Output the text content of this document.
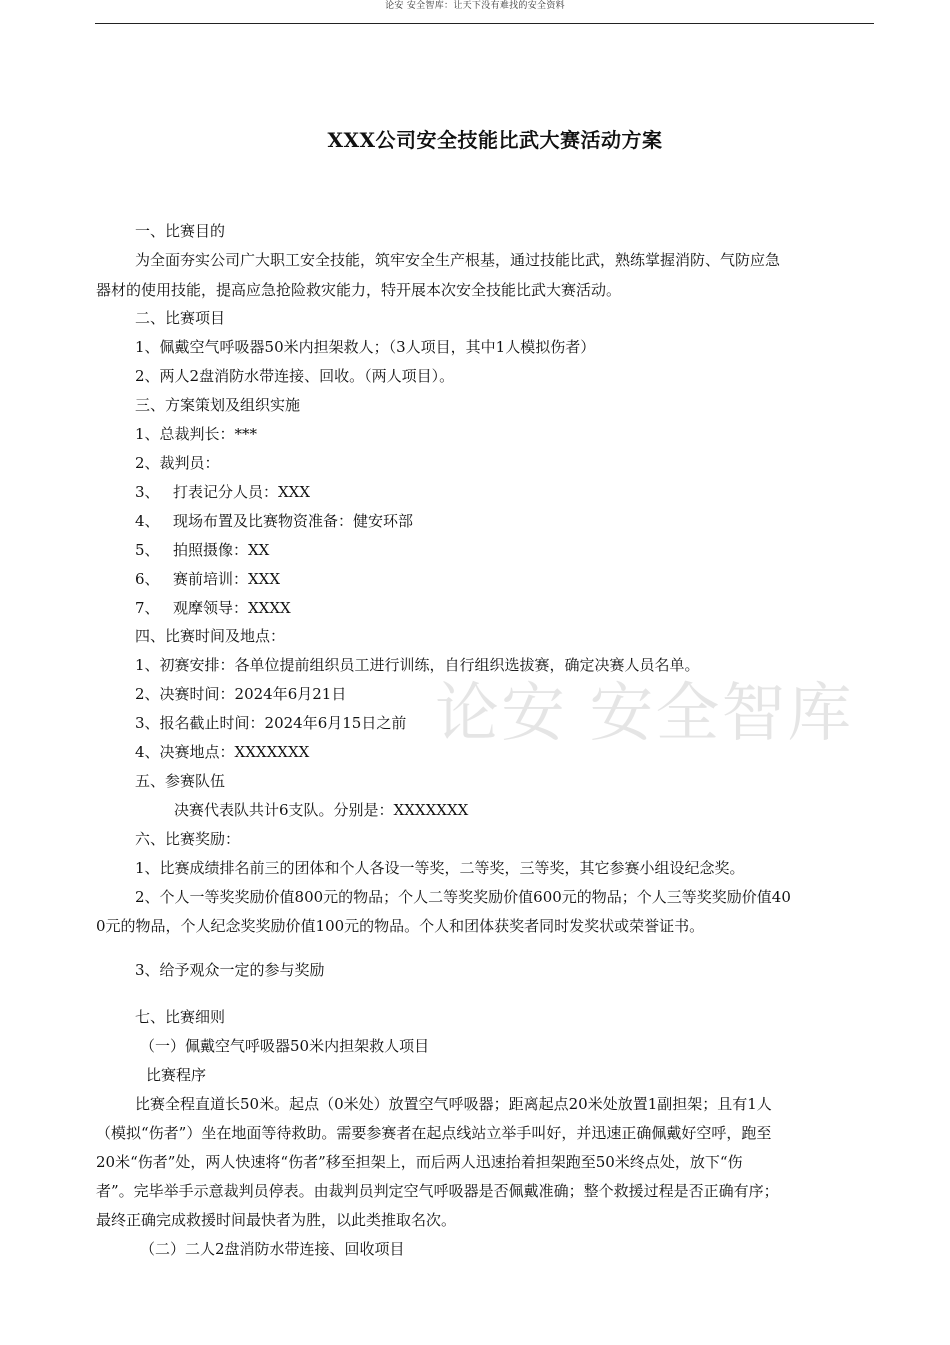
论安 安全智库：让天下没有难找的安全资料
XXX公司安全技能比武大赛活动方案
论安 安全智库
一、比赛目的
为全面夯实公司广大职工安全技能，筑牢安全生产根基，通过技能比武，熟练掌握消防、气防应急
器材的使用技能，提高应急抢险救灾能力，特开展本次安全技能比武大赛活动。
二、比赛项目
1、佩戴空气呼吸器50米内担架救人；（3人项目，其中1人模拟伤者）
2、两人2盘消防水带连接、回收。（两人项目）。
三、方案策划及组织实施
1、总裁判长：***
2、裁判员：
3、 打表记分人员：XXX
4、 现场布置及比赛物资准备：健安环部
5、 拍照摄像：XX
6、 赛前培训：XXX
7、 观摩领导：XXXX
四、比赛时间及地点：
1、初赛安排：各单位提前组织员工进行训练，自行组织选拔赛，确定决赛人员名单。
2、决赛时间：2024年6月21日
3、报名截止时间：2024年6月15日之前
4、决赛地点：XXXXXXX
五、参赛队伍
决赛代表队共计6支队。分别是：XXXXXXX
六、比赛奖励：
1、比赛成绩排名前三的团体和个人各设一等奖，二等奖，三等奖，其它参赛小组设纪念奖。
2、个人一等奖奖励价值800元的物品；个人二等奖奖励价值600元的物品；个人三等奖奖励价值40
0元的物品，个人纪念奖奖励价值100元的物品。个人和团体获奖者同时发奖状或荣誉证书。
3、给予观众一定的参与奖励
七、比赛细则
（一）佩戴空气呼吸器50米内担架救人项目
比赛程序
比赛全程直道长50米。起点（0米处）放置空气呼吸器；距离起点20米处放置1副担架；且有1人
（模拟“伤者”）坐在地面等待救助。需要参赛者在起点线站立举手叫好，并迅速正确佩戴好空呼，跑至
20米“伤者”处，两人快速将“伤者”移至担架上，而后两人迅速抬着担架跑至50米终点处，放下“伤
者”。完毕举手示意裁判员停表。由裁判员判定空气呼吸器是否佩戴准确；整个救援过程是否正确有序；
最终正确完成救援时间最快者为胜，以此类推取名次。
（二）二人2盘消防水带连接、回收项目
